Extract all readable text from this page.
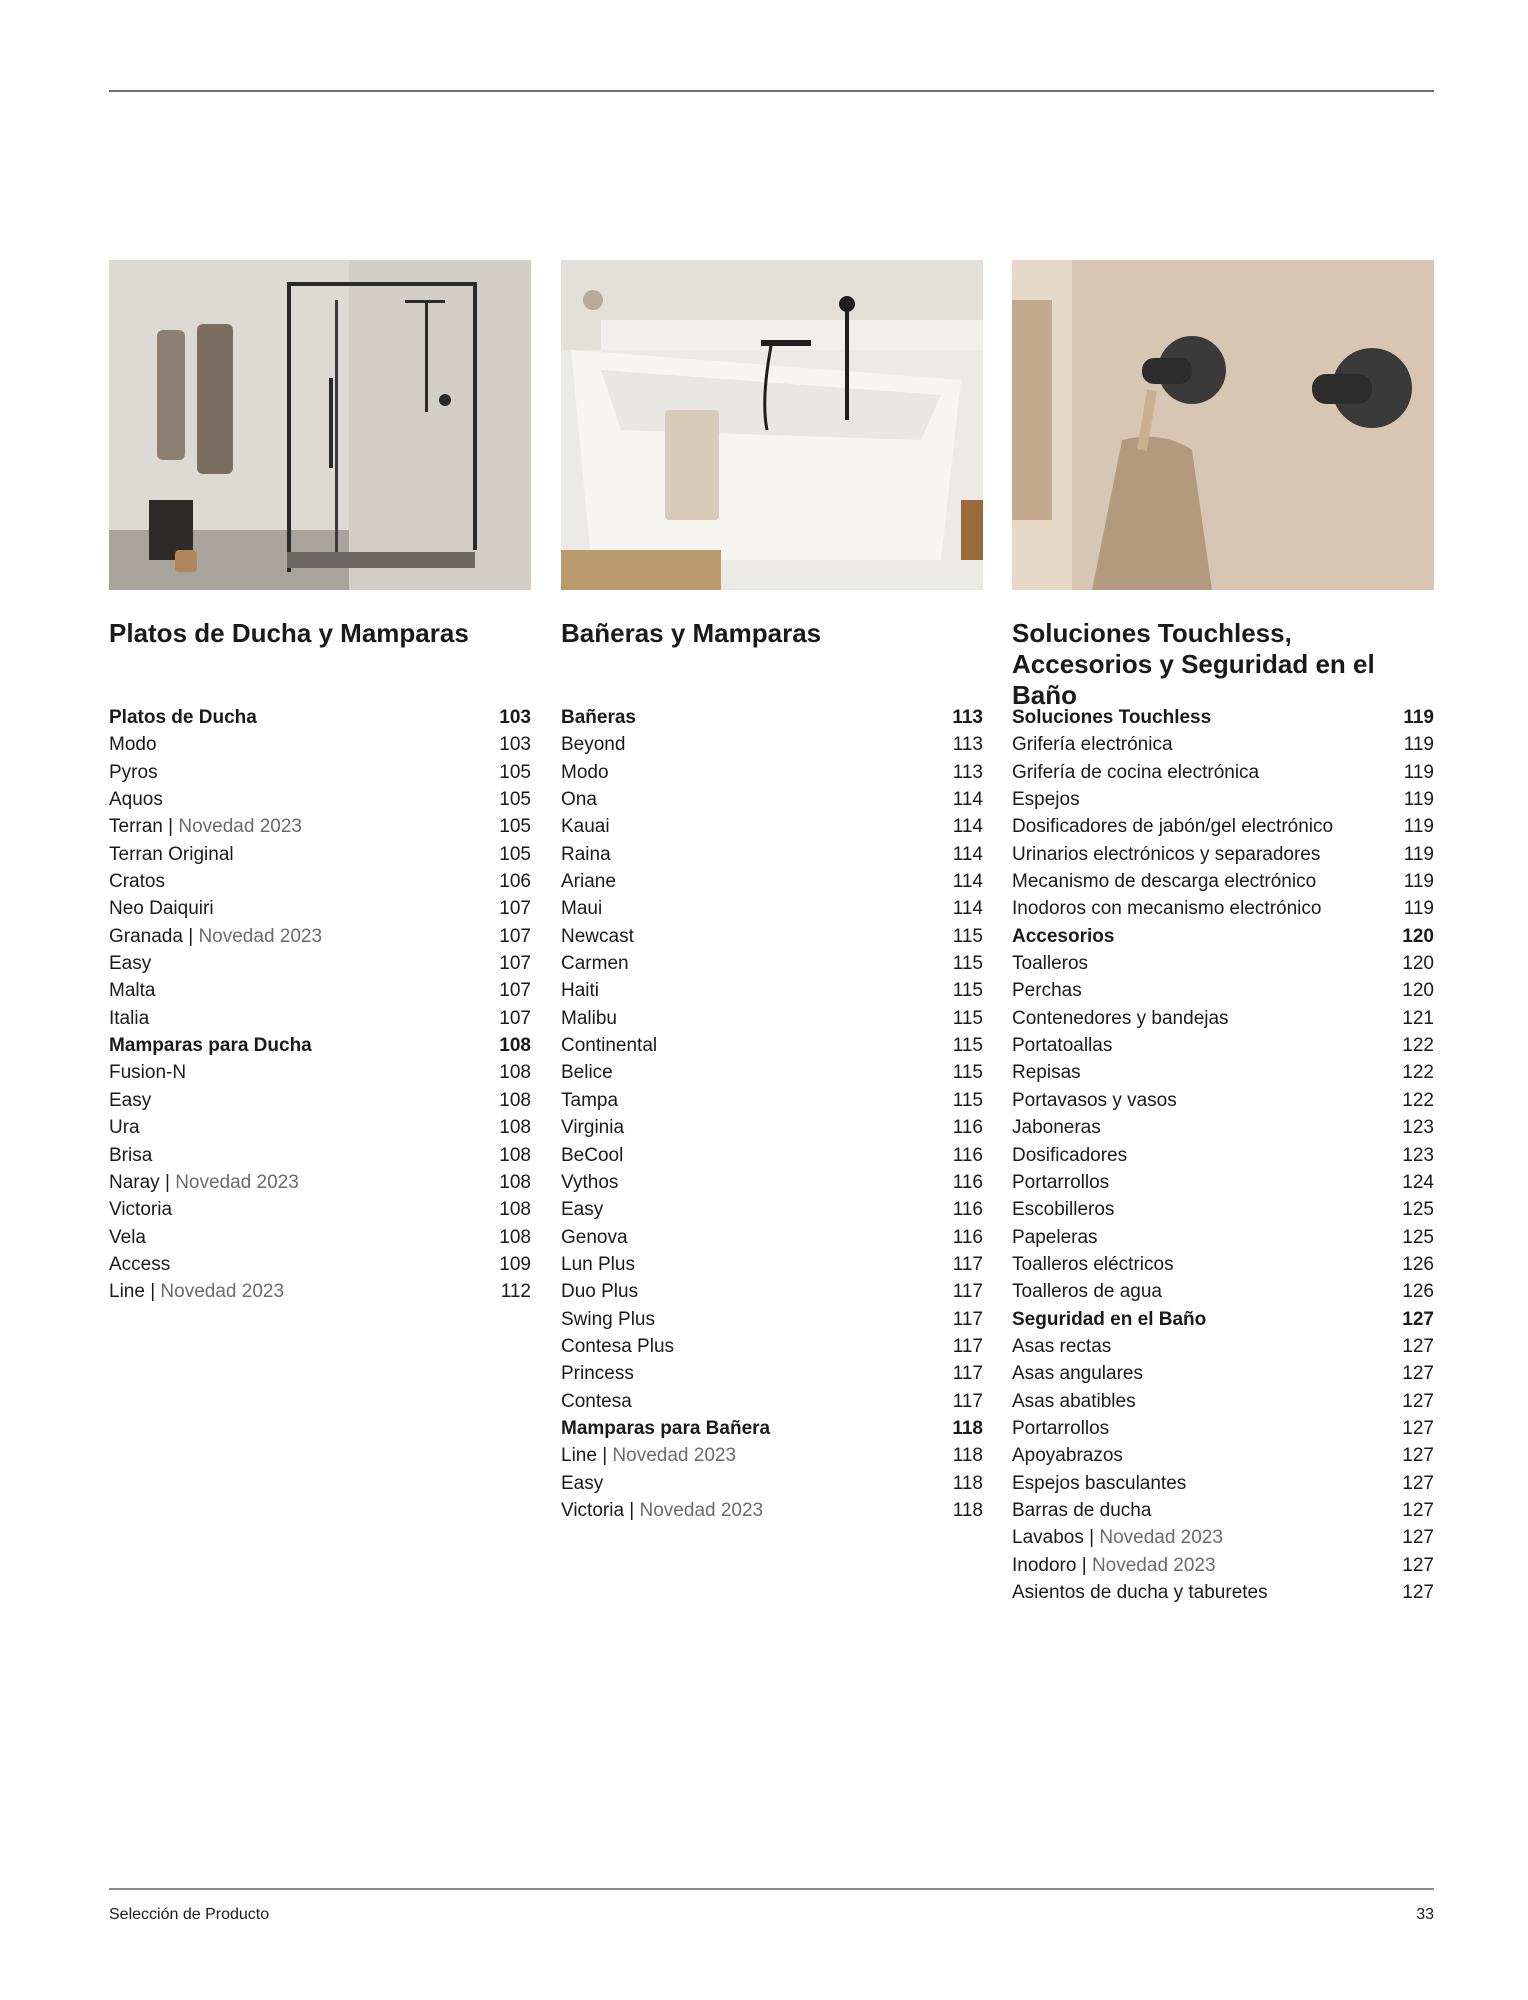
Platos de Ducha y Mamparas
Platos de Ducha	103
Modo	103
Pyros	105
Aquos	105
Terran | Novedad 2023	105
Terran Original	105
Cratos	106
Neo Daiquiri	107
Granada | Novedad 2023	107
Easy	107
Malta	107
Italia	107
Mamparas para Ducha	108
Fusion-N	108
Easy	108
Ura	108
Brisa	108
Naray | Novedad 2023	108
Victoria	108
Vela	108
Access	109
Line | Novedad 2023	112
Bañeras y Mamparas
Bañeras	113
Beyond	113
Modo	113
Ona	114
Kauai	114
Raina	114
Ariane	114
Maui	114
Newcast	115
Carmen	115
Haiti	115
Malibu	115
Continental	115
Belice	115
Tampa	115
Virginia	116
BeCool	116
Vythos	116
Easy	116
Genova	116
Lun Plus	117
Duo Plus	117
Swing Plus	117
Contesa Plus	117
Princess	117
Contesa	117
Mamparas para Bañera	118
Line | Novedad 2023	118
Easy	118
Victoria | Novedad 2023	118
Soluciones Touchless, Accesorios y Seguridad en el Baño
Soluciones Touchless	119
Grifería electrónica	119
Grifería de cocina electrónica	119
Espejos	119
Dosificadores de jabón/gel electrónico	119
Urinarios electrónicos y separadores	119
Mecanismo de descarga electrónico	119
Inodoros con mecanismo electrónico	119
Accesorios	120
Toalleros	120
Perchas	120
Contenedores y bandejas	121
Portatoallas	122
Repisas	122
Portavasos y vasos	122
Jaboneras	123
Dosificadores	123
Portarrollos	124
Escobilleros	125
Papeleras	125
Toalleros eléctricos	126
Toalleros de agua	126
Seguridad en el Baño	127
Asas rectas	127
Asas angulares	127
Asas abatibles	127
Portarrollos	127
Apoyabrazos	127
Espejos basculantes	127
Barras de ducha	127
Lavabos | Novedad 2023	127
Inodoro | Novedad 2023	127
Asientos de ducha y taburetes	127
Selección de Producto	33
